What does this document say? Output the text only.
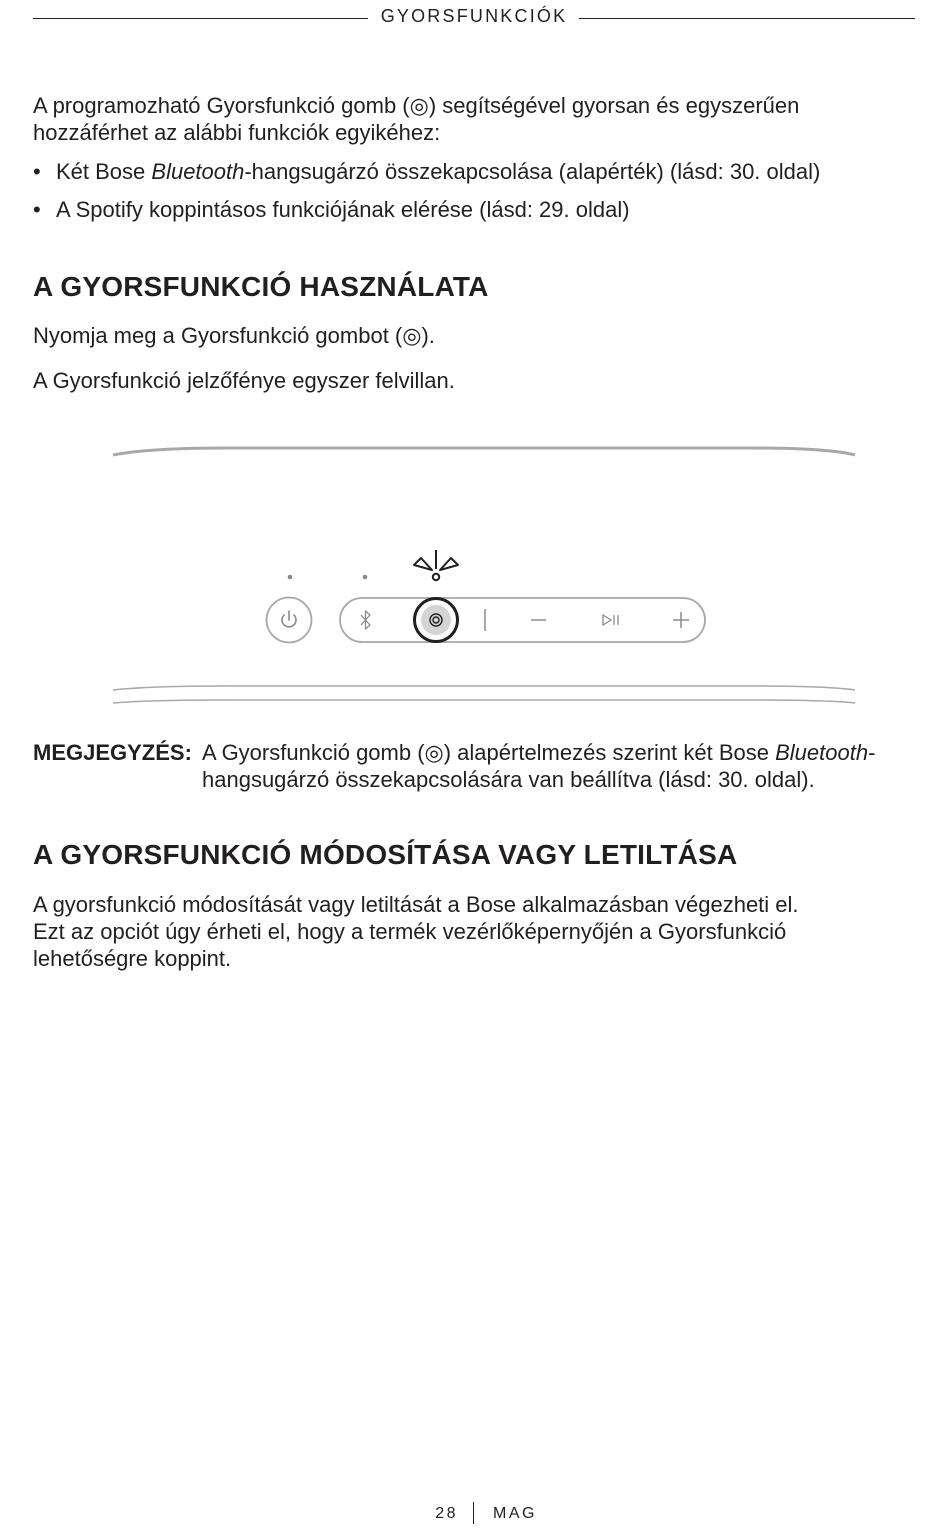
GYORSFUNKCIÓK

A programozható Gyorsfunkció gomb (◎) segítségével gyorsan és egyszerűen
hozzáférhet az alábbi funkciók egyikéhez:

• Két Bose Bluetooth-hangsugárzó összekapcsolása (alapérték) (lásd: 30. oldal)
• A Spotify koppintásos funkciójának elérése (lásd: 29. oldal)
A GYORSFUNKCIÓ HASZNÁLATA

Nyomja meg a Gyorsfunkció gombot (◎).

A Gyorsfunkció jelzőfénye egyszer felvillan.

MEGJEGYZÉS: A Gyorsfunkció gomb (◎) alapértelmezés szerint két Bose Bluetooth-
hangsugárzó összekapcsolására van beállítva (lásd: 30. oldal).
A GYORSFUNKCIÓ MÓDOSÍTÁSA VAGY LETILTÁSA

A gyorsfunkció módosítását vagy letiltását a Bose alkalmazásban végezheti el.
Ezt az opciót úgy érheti el, hogy a termék vezérlőképernyőjén a Gyorsfunkció
lehetőségre koppint.

28 MAG
